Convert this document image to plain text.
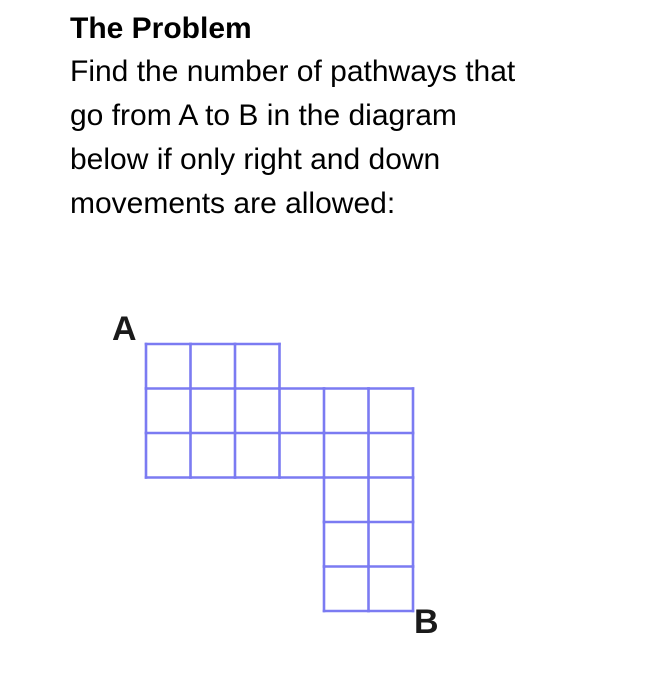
The Problem

Find the number of pathways that
go from A to B in the diagram
below if only right and down
movements are allowed:

A
B
